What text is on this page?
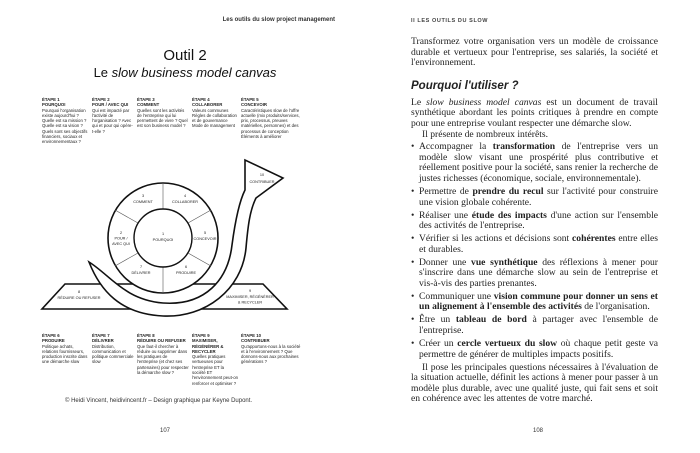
Les outils du slow project management
Outil 2
Le slow business model canvas
ÉTAPE 1
POURQUOI
Pourquoi l'organisation existe aujourd'hui ? Quelle est sa mission ? Quelle est sa vision ? Quels sont ses objectifs financiers, sociaux et environnementaux ?
ÉTAPE 2
POUR / AVEC QUI
Qui est impacté par l'activité de l'organisation ? Avec qui et pour qui opère-t-elle ?
ÉTAPE 3
COMMENT
Quelles sont les activités de l'entreprise qui lui permettent de vivre ? Quel est son business model ?
ÉTAPE 4
COLLABORER
Valeurs communes Règles de collaboration et de gouvernance Mode de management
ÉTAPE 5
CONCEVOIR
Caractéristiques slow de l'offre actuelle (mix produits/services, prix, processus, preuves matérielles, personnes) et des processus de conception Éléments à améliorer
1
POURQUOI
2
POUR /
AVEC QUI
3
COMMENT
4
COLLABORER
5
CONCEVOIR
6
PRODUIRE
7
DÉLIVRER
8
RÉDUIRE OU REFUSER
9
MAXIMISER, RÉGÉNÉRER
& RECYCLER
10
CONTRIBUER
ÉTAPE 6
PRODUIRE
Politique achats, relations fournisseurs, production inscrite dans une démarche slow
ÉTAPE 7
DÉLIVRER
Distribution, communication et politique commerciale slow
ÉTAPE 8
RÉDUIRE OU REFUSER
Que faut-il chercher à réduire ou supprimer dans les pratiques de l'entreprise (et chez ses partenaires) pour respecter la démarche slow ?
ÉTAPE 9
MAXIMISER, RÉGÉNÉRER & RECYCLER
Quelles pratiques vertueuses pour l'entreprise ET la société ET l'environnement peut-on renforcer et optimiser ?
ÉTAPE 10
CONTRIBUER
Qu'apportons-nous à la société et à l'environnement ? Que donnons-nous aux prochaines générations ?
© Heidi Vincent, heidivincent.fr – Design graphique par Keyne Dupont.
107
II LES OUTILS DU SLOW

Transformez votre organisation vers un modèle de croissance durable et vertueux pour l'entreprise, ses salariés, la société et l'environnement.

Pourquoi l'utiliser ?

Le slow business model canvas est un document de travail synthétique abordant les points critiques à prendre en compte pour une entreprise voulant respecter une démarche slow.

Il présente de nombreux intérêts.

• Accompagner la transformation de l'entreprise vers un modèle slow visant une prospérité plus contributive et réellement positive pour la société, sans renier la recherche de justes richesses (économique, sociale, environnementale).
• Permettre de prendre du recul sur l'activité pour construire une vision globale cohérente.
• Réaliser une étude des impacts d'une action sur l'ensemble des activités de l'entreprise.
• Vérifier si les actions et décisions sont cohérentes entre elles et durables.
• Donner une vue synthétique des réflexions à mener pour s'inscrire dans une démarche slow au sein de l'entreprise et vis-à-vis des parties prenantes.
• Communiquer une vision commune pour donner un sens et un alignement à l'ensemble des activités de l'organisation.
• Être un tableau de bord à partager avec l'ensemble de l'entreprise.
• Créer un cercle vertueux du slow où chaque petit geste va permettre de générer de multiples impacts positifs.

Il pose les principales questions nécessaires à l'évaluation de la situation actuelle, définit les actions à mener pour passer à un modèle plus durable, avec une qualité juste, qui fait sens et soit en cohérence avec les attentes de votre marché.

108
